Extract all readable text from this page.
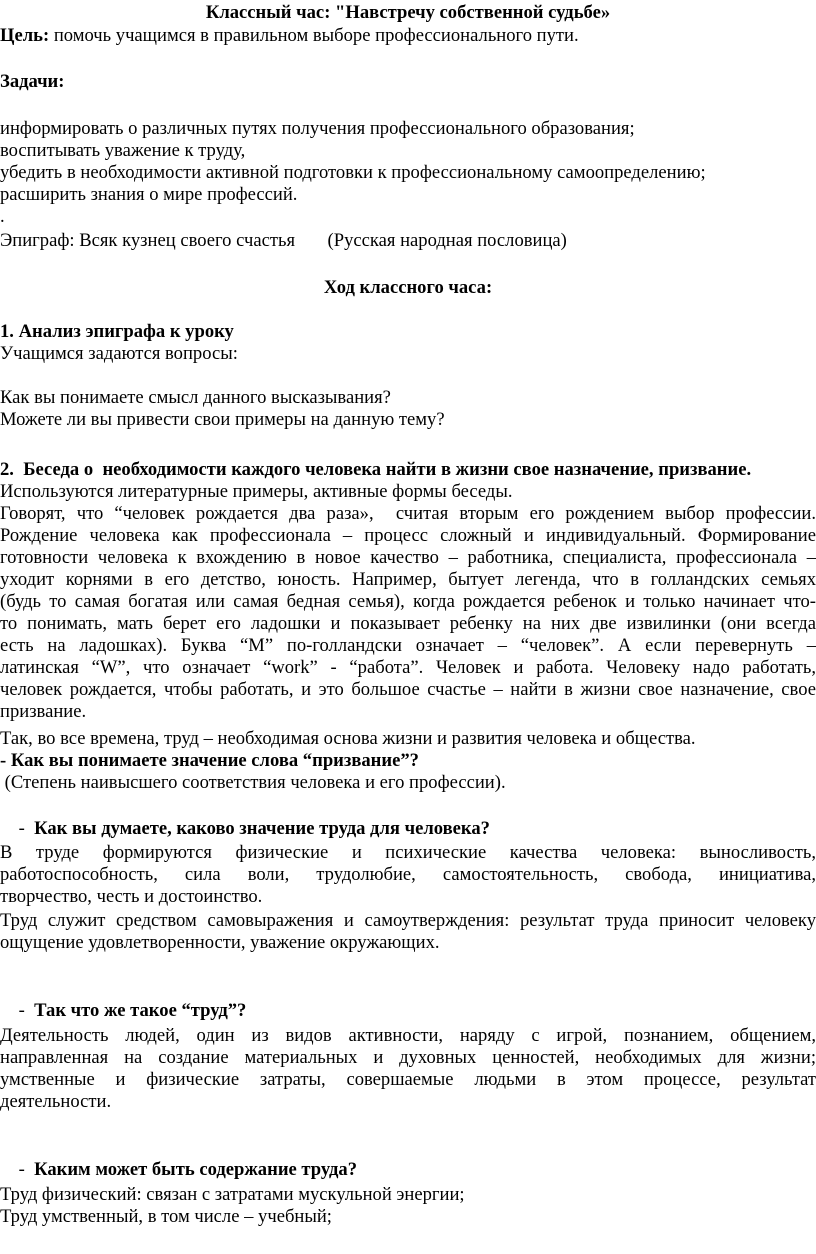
Классный час: "Навстречу собственной судьбе»
Цель: помочь учащимся в правильном выборе профессионального пути.
Задачи:
информировать о различных путях получения профессионального образования;
воспитывать уважение к труду,
убедить в необходимости активной подготовки к профессиональному самоопределению;
расширить знания о мире профессий.
.
Эпиграф: Всяк кузнец своего счастья       (Русская народная пословица)
Ход классного часа:
1. Анализ эпиграфа к уроку
Учащимся задаются вопросы:
Как вы понимаете смысл данного высказывания?
Можете ли вы привести свои примеры на данную тему?
2.  Беседа о  необходимости каждого человека найти в жизни свое назначение, призвание.
Используются литературные примеры, активные формы беседы.
Говорят, что “человек рождается два раза»,  считая вторым его рождением выбор профессии.
Рождение человека как профессионала – процесс сложный и индивидуальный. Формирование
готовности человека к вхождению в новое качество – работника, специалиста, профессионала –
уходит корнями в его детство, юность. Например, бытует легенда, что в голландских семьях
(будь то самая богатая или самая бедная семья), когда рождается ребенок и только начинает что-
то понимать, мать берет его ладошки и показывает ребенку на них две извилинки (они всегда
есть на ладошках). Буква “М” по-голландски означает – “человек”. А если перевернуть –
латинская “W”, что означает “work” - “работа”. Человек и работа. Человеку надо работать,
человек рождается, чтобы работать, и это большое счастье – найти в жизни свое назначение, свое
призвание.
Так, во все времена, труд – необходимая основа жизни и развития человека и общества.
- Как вы понимаете значение слова “призвание”?
(Степень наивысшего соответствия человека и его профессии).

-  Как вы думаете, каково значение труда для человека?

В труде формируются физические и психические качества человека: выносливость,
работоспособность, сила воли, трудолюбие, самостоятельность, свобода, инициатива,
творчество, честь и достоинство.
Труд служит средством самовыражения и самоутверждения: результат труда приносит человеку
ощущение удовлетворенности, уважение окружающих.

-  Так что же такое “труд”?

Деятельность людей, один из видов активности, наряду с игрой, познанием, общением,
направленная на создание материальных и духовных ценностей, необходимых для жизни;
умственные и физические затраты, совершаемые людьми в этом процессе, результат
деятельности.

-  Каким может быть содержание труда?

Труд физический: связан с затратами мускульной энергии;
Труд умственный, в том числе – учебный;
